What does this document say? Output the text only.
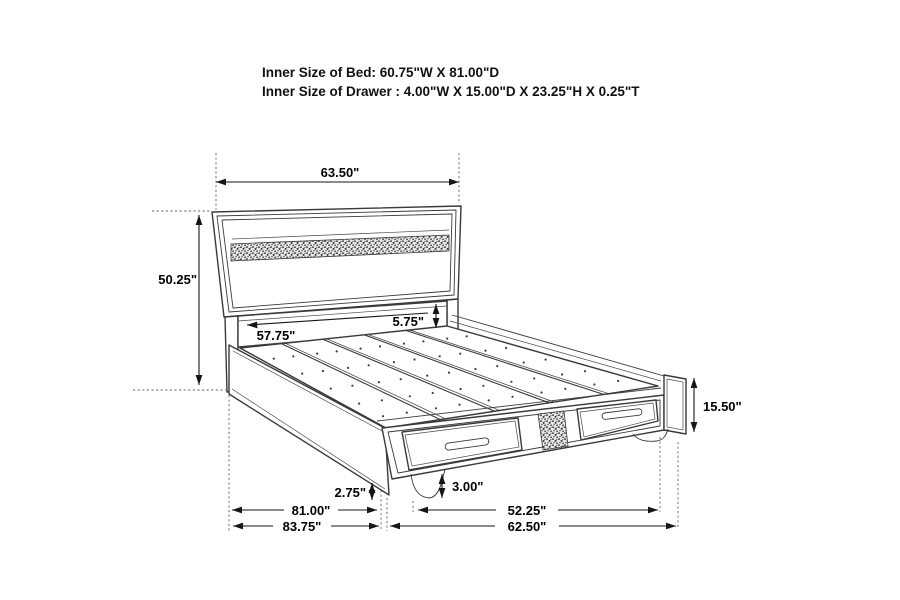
Inner Size of Bed: 60.75"W X 81.00"D
Inner Size of Drawer : 4.00"W X 15.00"D X 23.25"H X 0.25"T
63.50"
50.25"
57.75"
5.75"
15.50"
2.75"	3.00"
81.00"
83.75"
52.25"
62.50"
